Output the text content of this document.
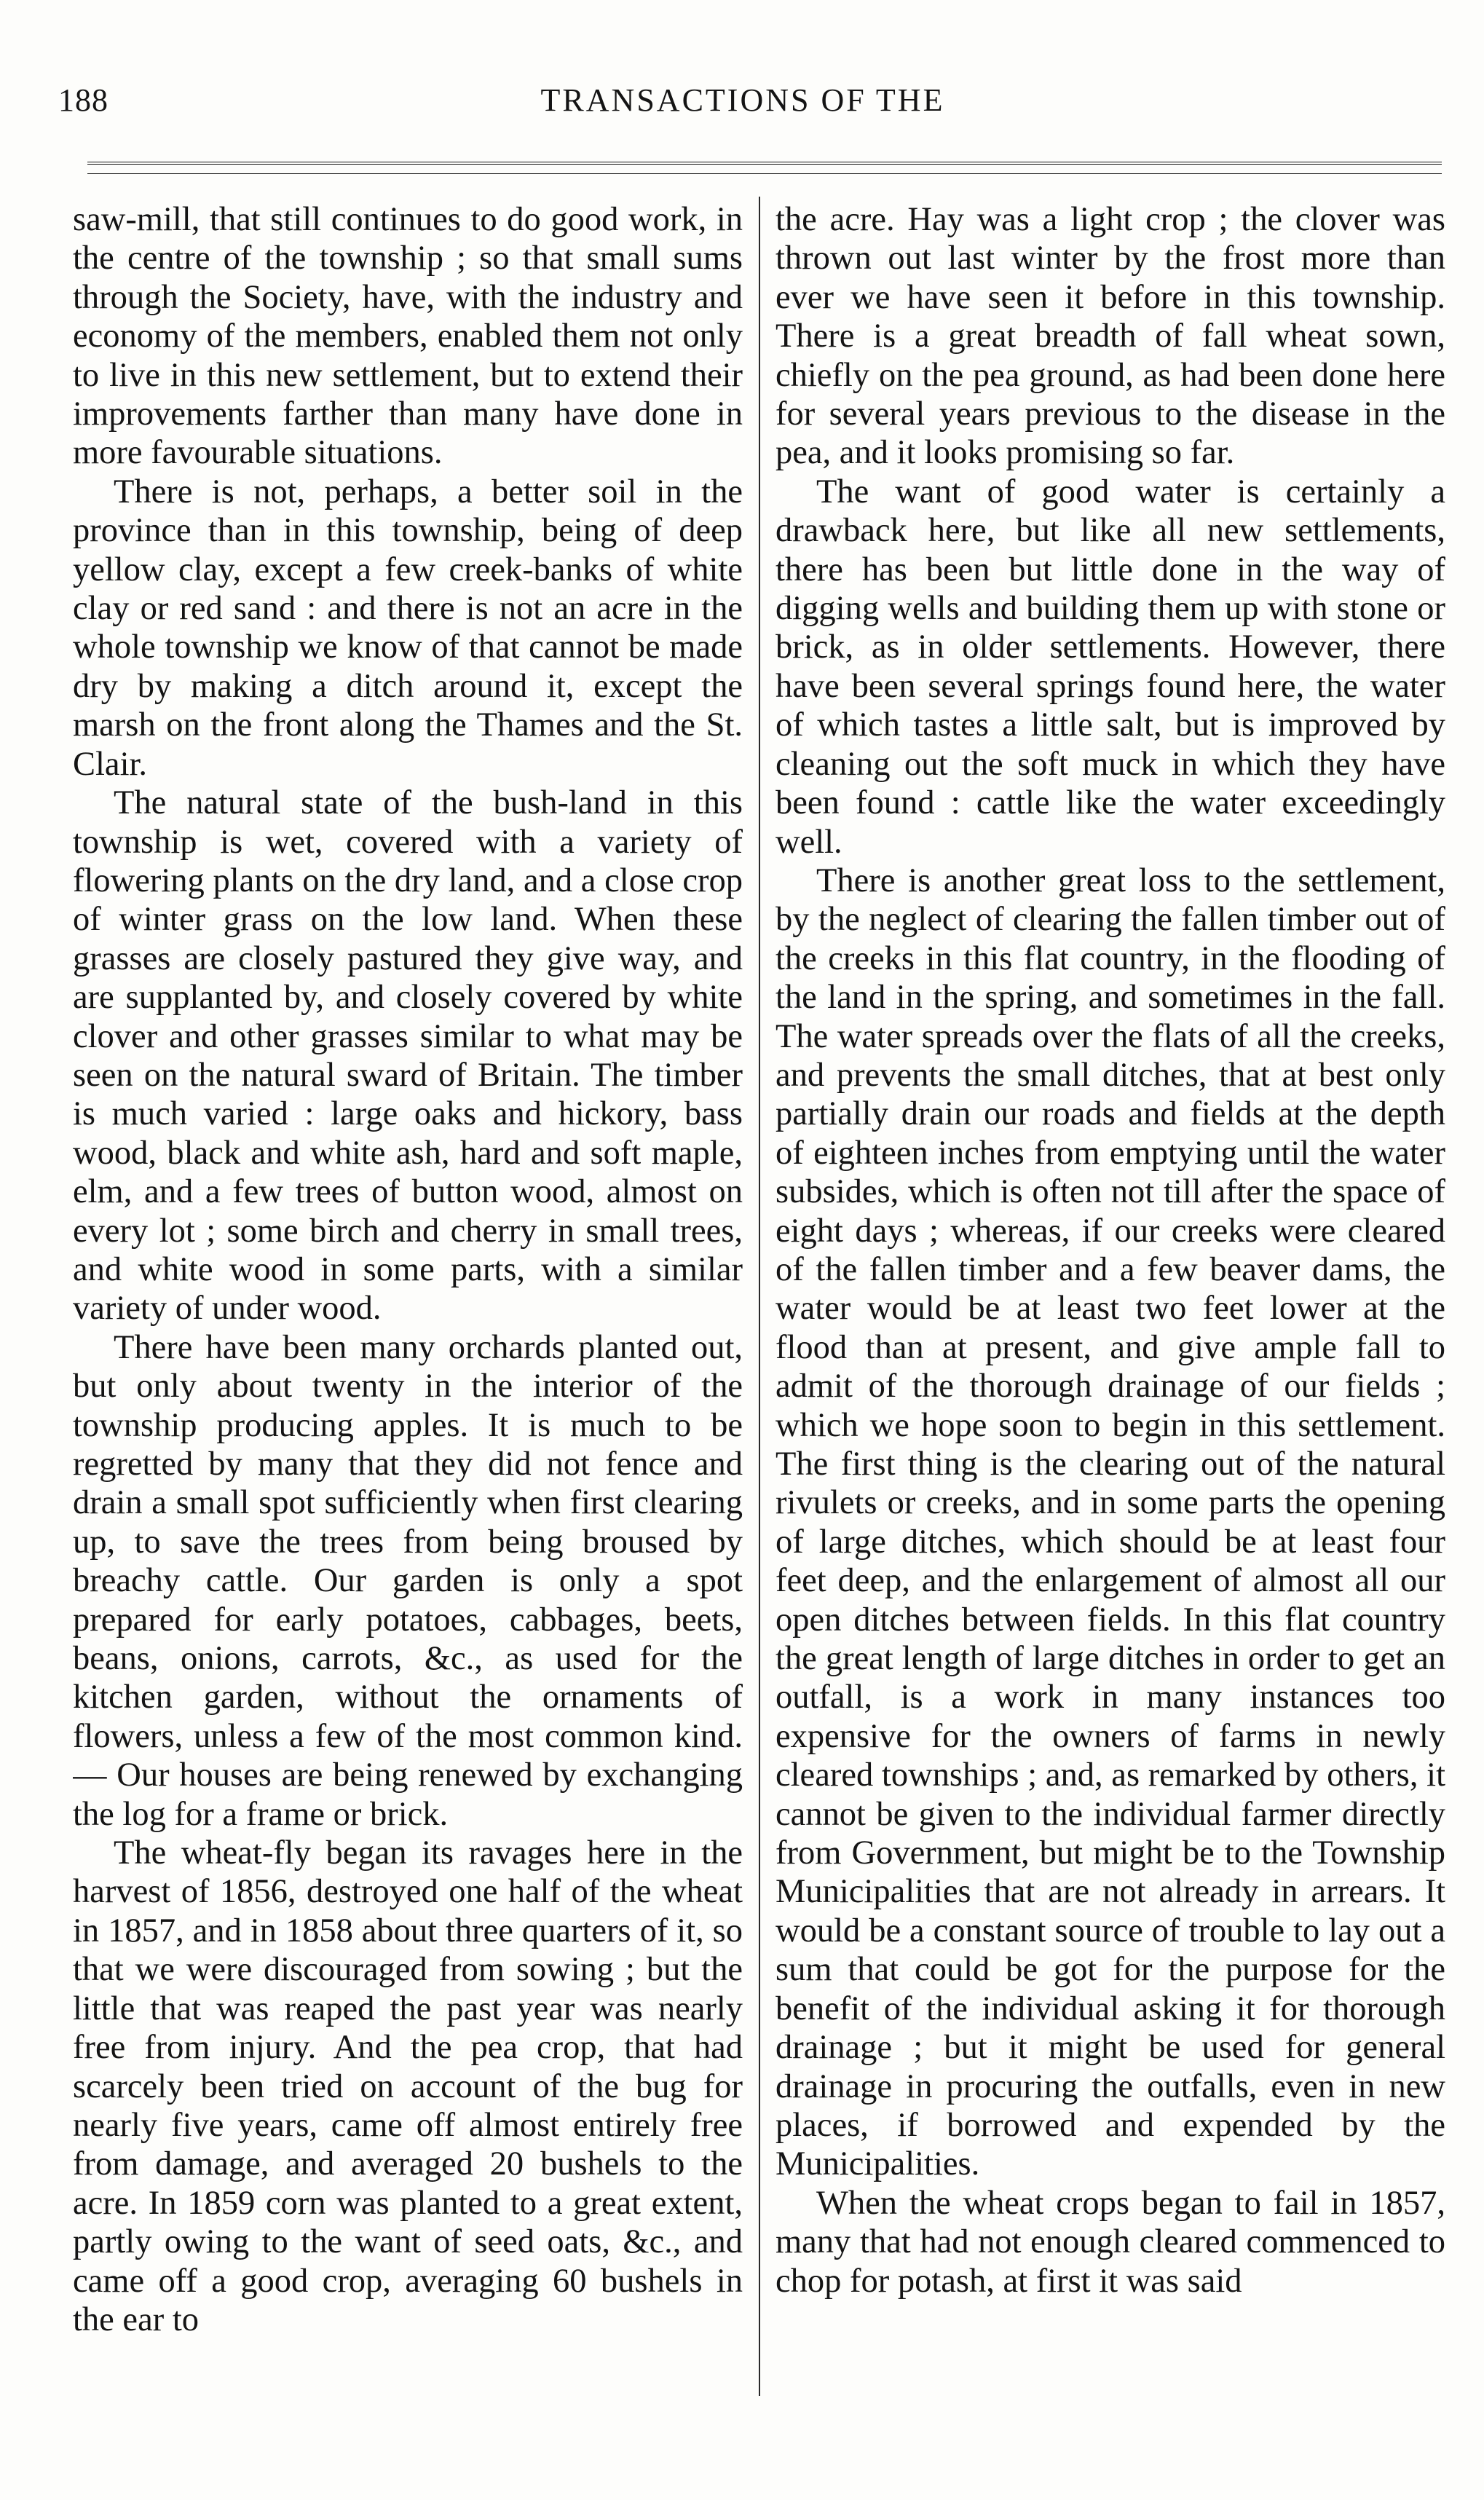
188	TRANSACTIONS OF THE

saw-mill, that still continues to do good work, in the centre of the township ; so that small sums through the Society, have, with the industry and economy of the members, enabled them not only to live in this new settlement, but to extend their improvements farther than many have done in more favourable situations.

There is not, perhaps, a better soil in the province than in this township, being of deep yellow clay, except a few creek-banks of white clay or red sand : and there is not an acre in the whole township we know of that cannot be made dry by making a ditch around it, except the marsh on the front along the Thames and the St. Clair.

The natural state of the bush-land in this township is wet, covered with a variety of flowering plants on the dry land, and a close crop of winter grass on the low land. When these grasses are closely pastured they give way, and are supplanted by, and closely covered by white clover and other grasses similar to what may be seen on the natural sward of Britain. The timber is much varied : large oaks and hickory, bass wood, black and white ash, hard and soft maple, elm, and a few trees of button wood, almost on every lot ; some birch and cherry in small trees, and white wood in some parts, with a similar variety of under wood.

There have been many orchards planted out, but only about twenty in the interior of the township producing apples. It is much to be regretted by many that they did not fence and drain a small spot sufficiently when first clearing up, to save the trees from being broused by breachy cattle. Our garden is only a spot prepared for early potatoes, cabbages, beets, beans, onions, carrots, &c., as used for the kitchen garden, without the ornaments of flowers, unless a few of the most common kind.— Our houses are being renewed by exchanging the log for a frame or brick.

The wheat-fly began its ravages here in the harvest of 1856, destroyed one half of the wheat in 1857, and in 1858 about three quarters of it, so that we were discouraged from sowing ; but the little that was reaped the past year was nearly free from injury. And the pea crop, that had scarcely been tried on account of the bug for nearly five years, came off almost entirely free from damage, and averaged 20 bushels to the acre. In 1859 corn was planted to a great extent, partly owing to the want of seed oats, &c., and came off a good crop, averaging 60 bushels in the ear to

the acre. Hay was a light crop ; the clover was thrown out last winter by the frost more than ever we have seen it before in this township. There is a great breadth of fall wheat sown, chiefly on the pea ground, as had been done here for several years previous to the disease in the pea, and it looks promising so far.

The want of good water is certainly a drawback here, but like all new settlements, there has been but little done in the way of digging wells and building them up with stone or brick, as in older settlements. However, there have been several springs found here, the water of which tastes a little salt, but is improved by cleaning out the soft muck in which they have been found : cattle like the water exceedingly well.

There is another great loss to the settlement, by the neglect of clearing the fallen timber out of the creeks in this flat country, in the flooding of the land in the spring, and sometimes in the fall. The water spreads over the flats of all the creeks, and prevents the small ditches, that at best only partially drain our roads and fields at the depth of eighteen inches from emptying until the water subsides, which is often not till after the space of eight days ; whereas, if our creeks were cleared of the fallen timber and a few beaver dams, the water would be at least two feet lower at the flood than at present, and give ample fall to admit of the thorough drainage of our fields ; which we hope soon to begin in this settlement. The first thing is the clearing out of the natural rivulets or creeks, and in some parts the opening of large ditches, which should be at least four feet deep, and the enlargement of almost all our open ditches between fields. In this flat country the great length of large ditches in order to get an outfall, is a work in many instances too expensive for the owners of farms in newly cleared townships ; and, as remarked by others, it cannot be given to the individual farmer directly from Government, but might be to the Township Municipalities that are not already in arrears. It would be a constant source of trouble to lay out a sum that could be got for the purpose for the benefit of the individual asking it for thorough drainage ; but it might be used for general drainage in procuring the outfalls, even in new places, if borrowed and expended by the Municipalities.

When the wheat crops began to fail in 1857, many that had not enough cleared commenced to chop for potash, at first it was said
